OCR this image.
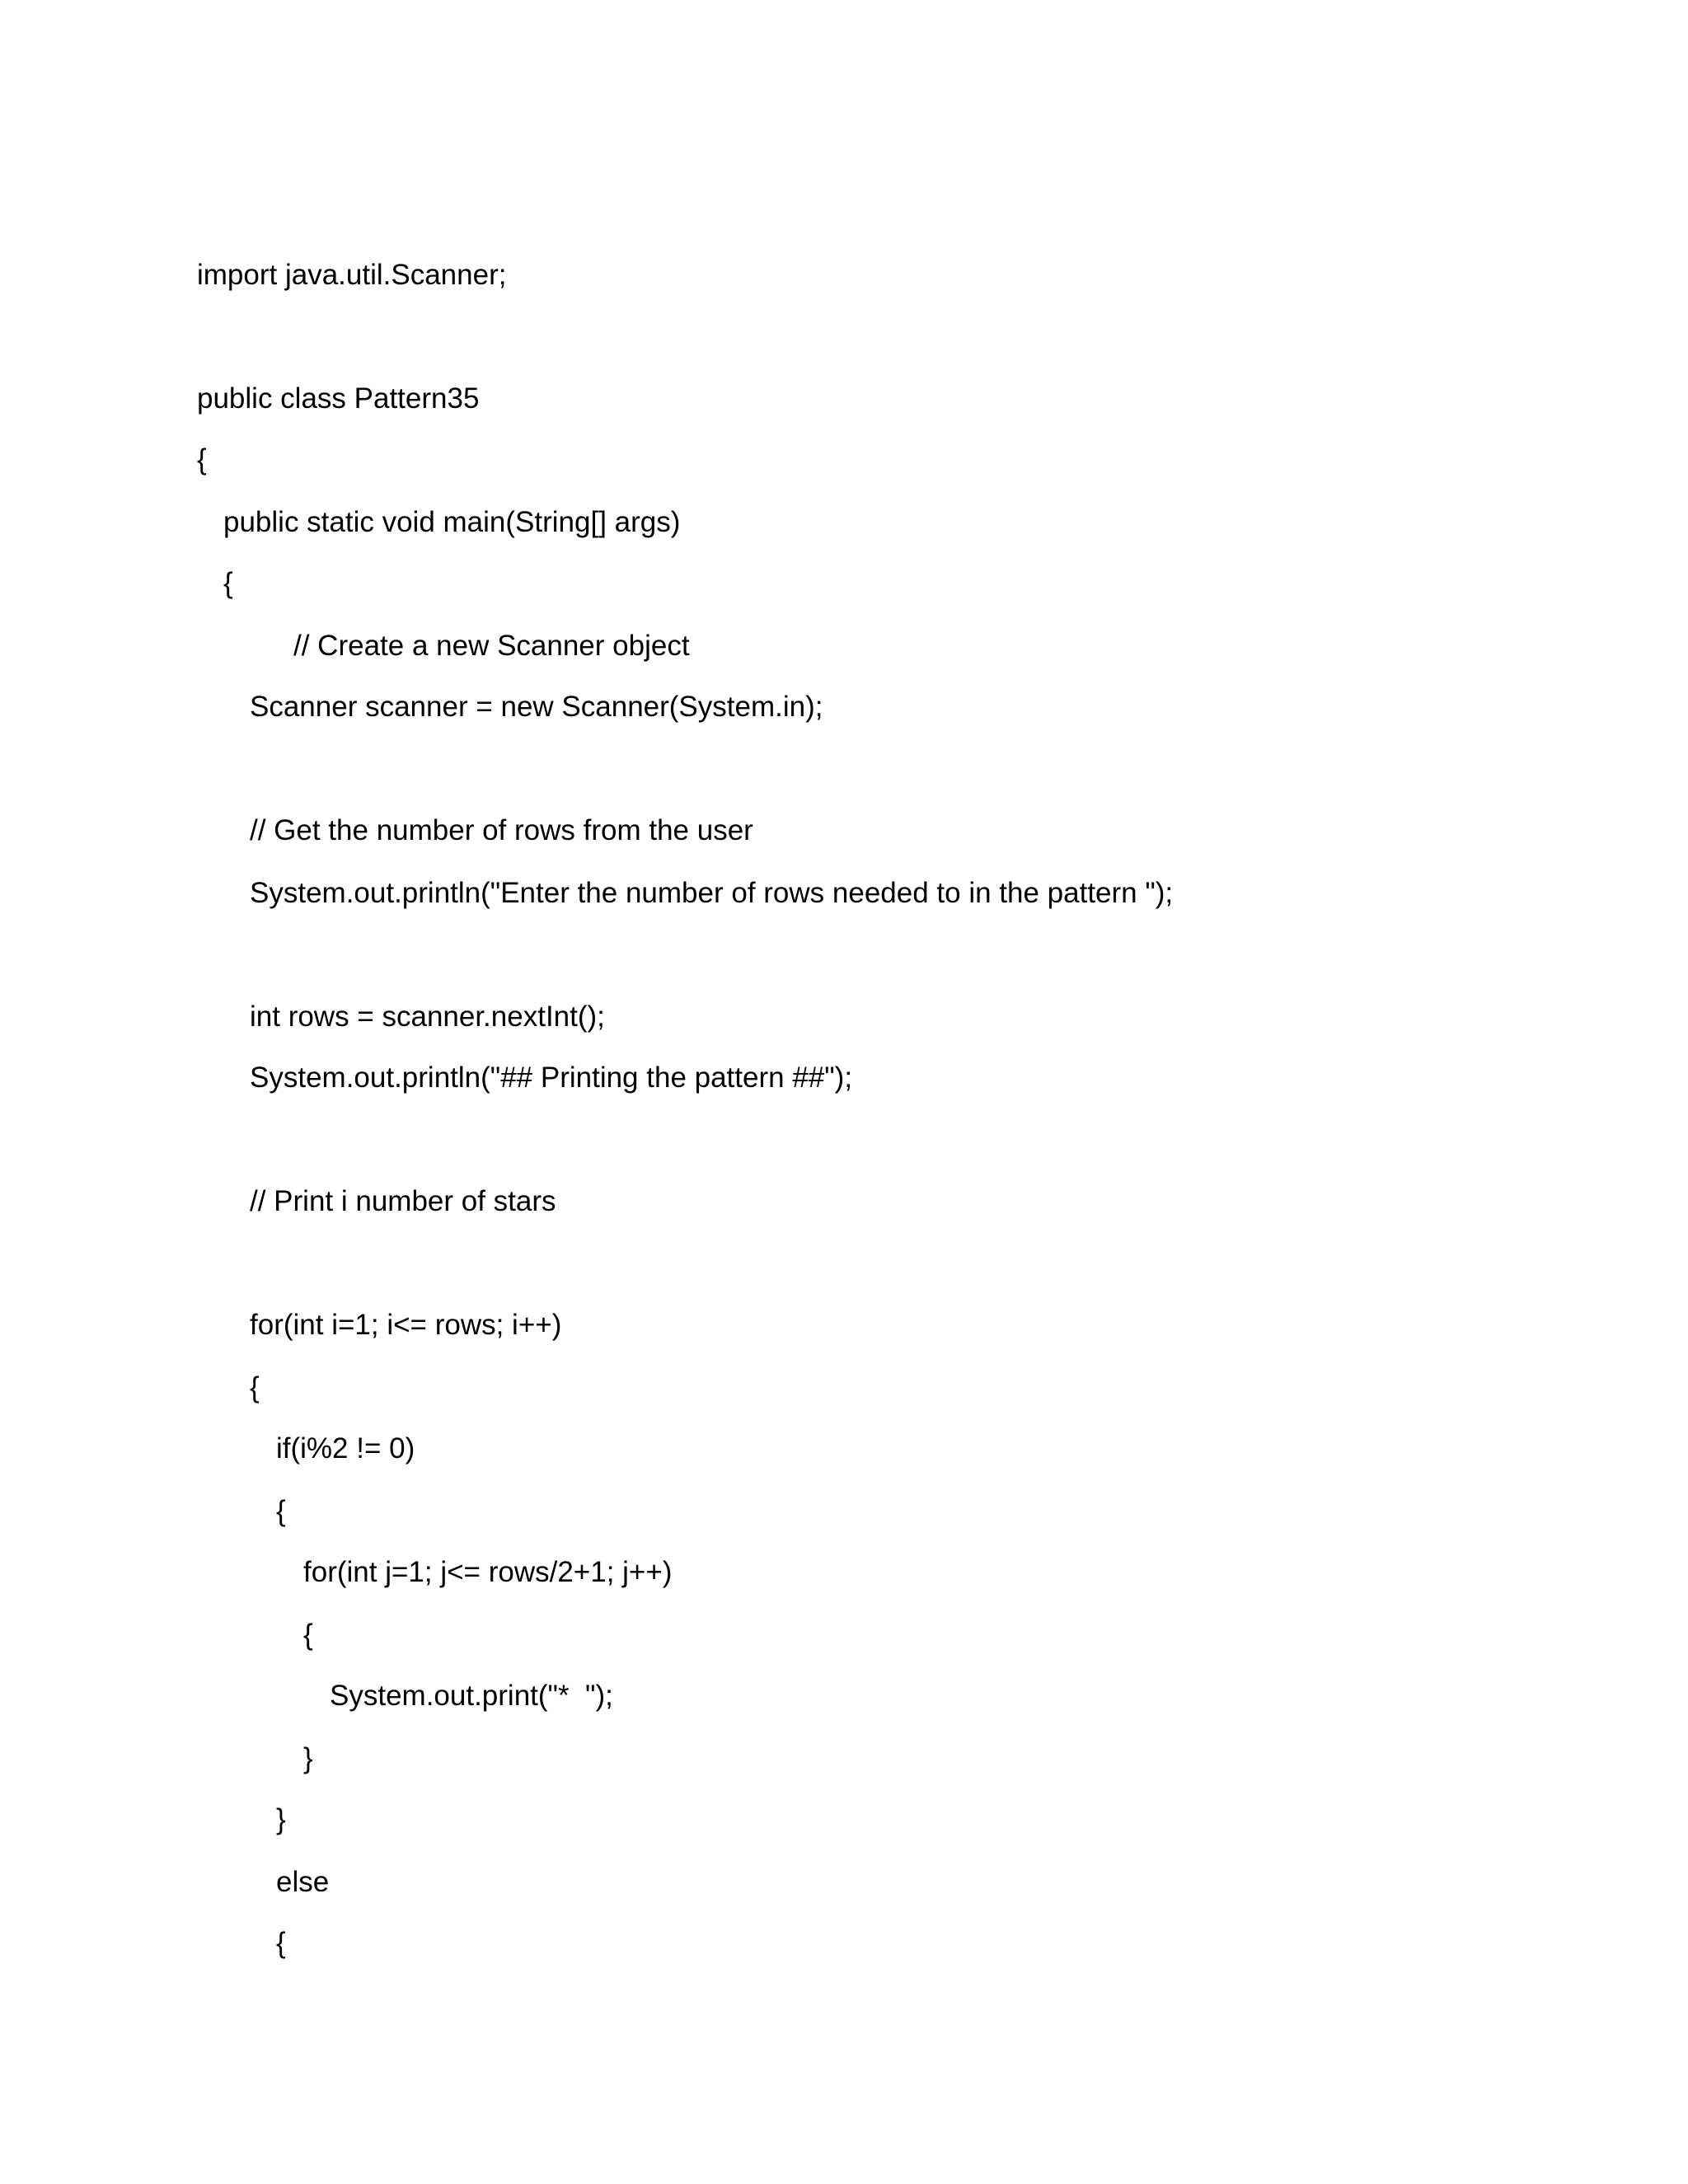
import java.util.Scanner;
public class Pattern35
{
public static void main(String[] args)
{
// Create a new Scanner object
Scanner scanner = new Scanner(System.in);
// Get the number of rows from the user
System.out.println("Enter the number of rows needed to in the pattern ");
int rows = scanner.nextInt();
System.out.println("## Printing the pattern ##");
// Print i number of stars
for(int i=1; i<= rows; i++)
{
if(i%2 != 0)
{
for(int j=1; j<= rows/2+1; j++)
{
System.out.print("*  ");
}
}
else
{
